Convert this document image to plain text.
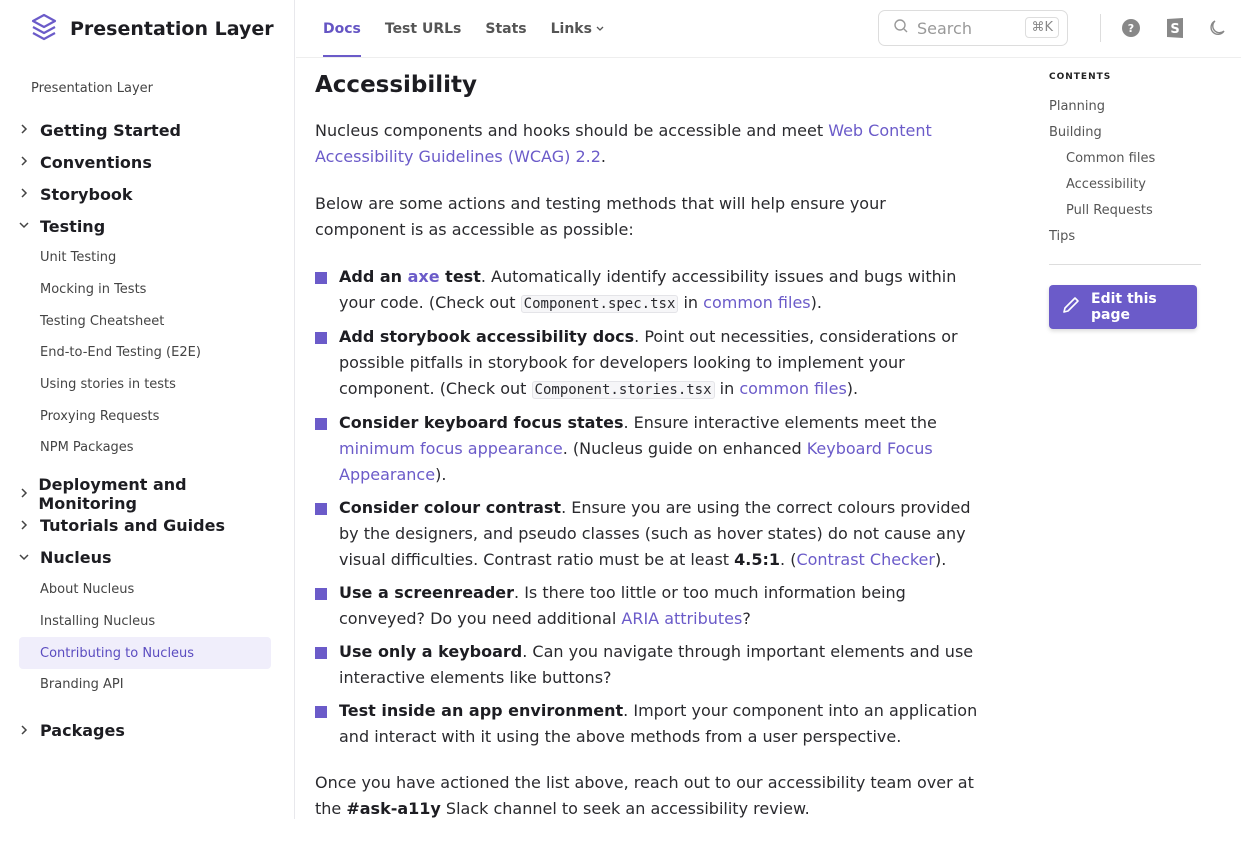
Presentation Layer
Presentation Layer
Getting Started
Conventions
Storybook
Testing
Unit Testing
Mocking in Tests
Testing Cheatsheet
End-to-End Testing (E2E)
Using stories in tests
Proxying Requests
NPM Packages
Deployment and Monitoring
Tutorials and Guides
Nucleus
About Nucleus
Installing Nucleus
Contributing to Nucleus
Branding API
Packages
Docs Test URLs Stats Links	Search	⌘K	?	S
Accessibility

Nucleus components and hooks should be accessible and meet Web Content Accessibility Guidelines (WCAG) 2.2.

Below are some actions and testing methods that will help ensure your component is as accessible as possible:

Add an axe test. Automatically identify accessibility issues and bugs within your code. (Check out Component.spec.tsx in common files).
Add storybook accessibility docs. Point out necessities, considerations or possible pitfalls in storybook for developers looking to implement your component. (Check out Component.stories.tsx in common files).
Consider keyboard focus states. Ensure interactive elements meet the minimum focus appearance. (Nucleus guide on enhanced Keyboard Focus Appearance).
Consider colour contrast. Ensure you are using the correct colours provided by the designers, and pseudo classes (such as hover states) do not cause any visual difficulties. Contrast ratio must be at least 4.5:1. (Contrast Checker).
Use a screenreader. Is there too little or too much information being conveyed? Do you need additional ARIA attributes?
Use only a keyboard. Can you navigate through important elements and use interactive elements like buttons?
Test inside an app environment. Import your component into an application and interact with it using the above methods from a user perspective.

Once you have actioned the list above, reach out to our accessibility team over at the #ask-a11y Slack channel to seek an accessibility review.

CONTENTS
Planning
Building
Common files
Accessibility
Pull Requests
Tips
Edit this page
